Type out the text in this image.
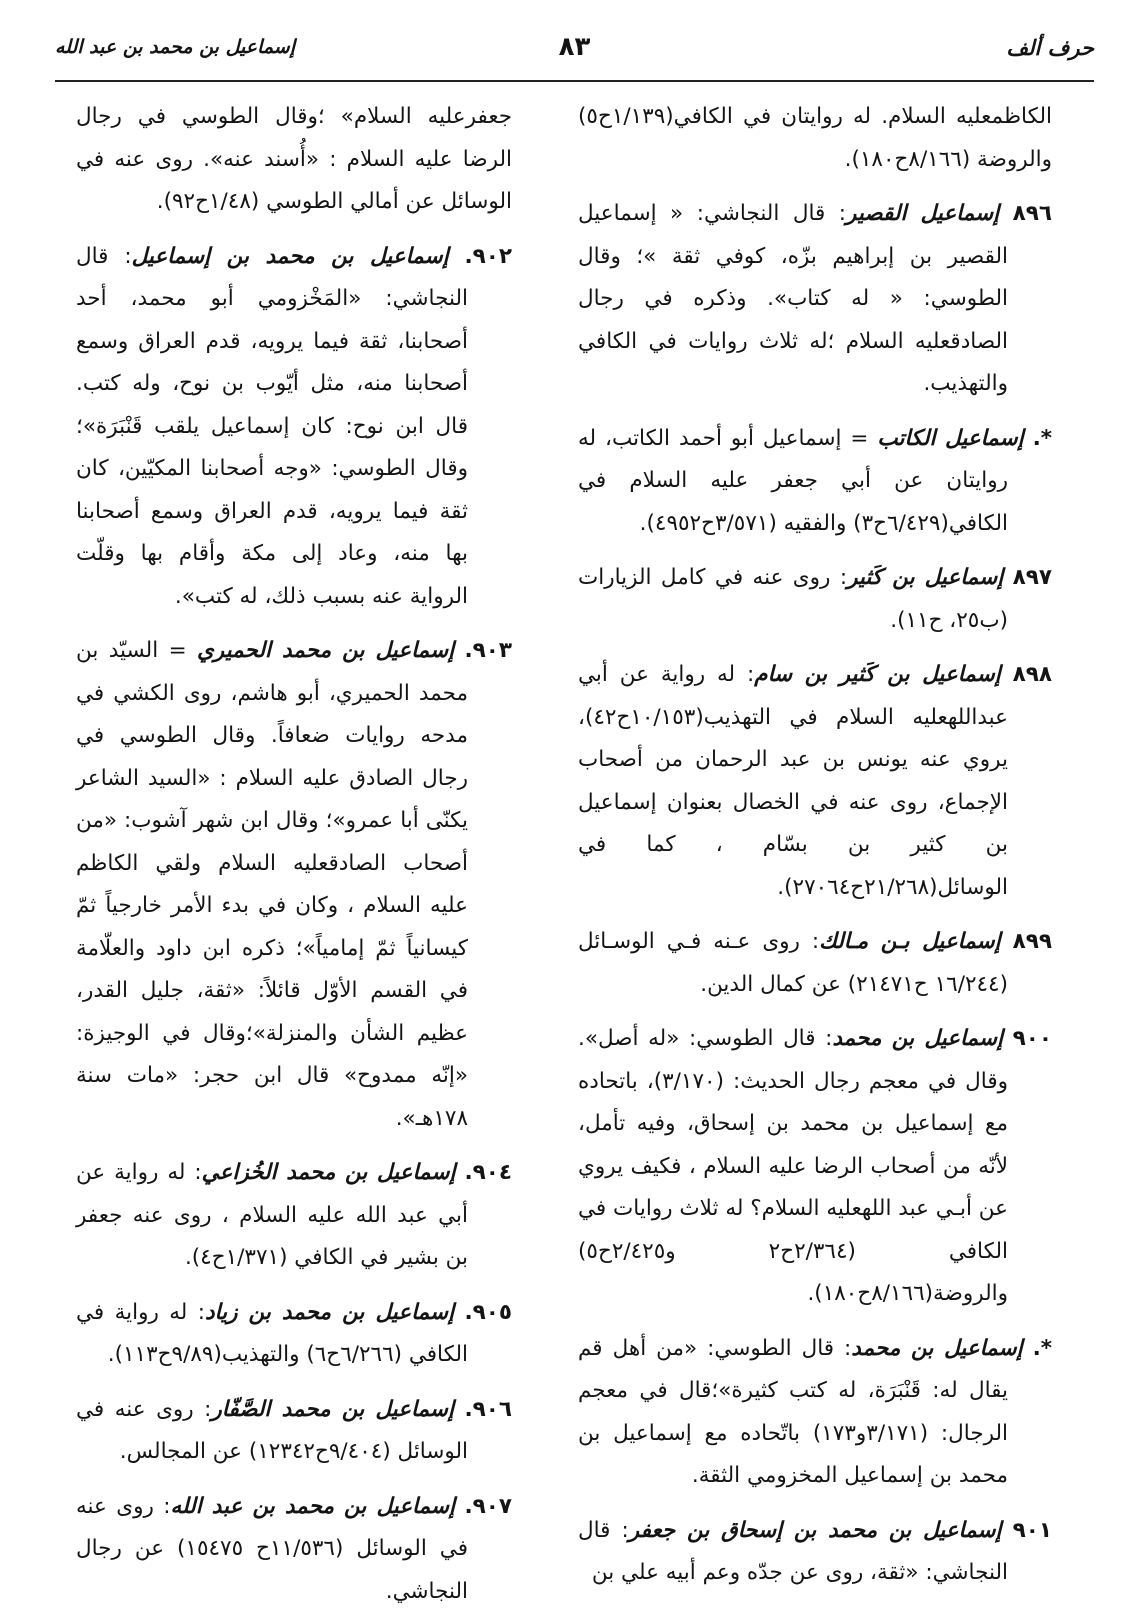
إسماعيل بن محمد بن عبد الله	٨٣	حرف ألف

الكاظمعليه السلام. له روايتان في الكافي(١/١٣٩ح٥) والروضة (٨/١٦٦ح١٨٠).

٨٩٦ إسماعيل القصير: قال النجاشي: « إسماعيل القصير بن إبراهيم بزّه، كوفي ثقة »؛ وقال الطوسي: « له كتاب». وذكره في رجال الصادقعليه السلام ؛له ثلاث روايات في الكافي والتهذيب.

*. إسماعيل الكاتب = إسماعيل أبو أحمد الكاتب، له روايتان عن أبي جعفر عليه السلام في الكافي(٦/٤٢٩ح٣) والفقيه (٣/٥٧١ح٤٩٥٢).

٨٩٧ إسماعيل بن كَثير: روى عنه في كامل الزيارات (ب٢٥، ح١١).

٨٩٨ إسماعيل بن كَثير بن سام: له رواية عن أبي عبداللهعليه السلام في التهذيب(١٠/١٥٣ح٤٢)، يروي عنه يونس بن عبد الرحمان من أصحاب الإجماع، روى عنه في الخصال بعنوان إسماعيل بن كثير بن بسّام ، كما في الوسائل(٢١/٢٦٨ح٢٧٠٦٤).

٨٩٩ إسماعيل بـن مـالك: روى عـنه فـي الوسـائل (١٦/٢٤٤ ح٢١٤٧١) عن كمال الدين.

٩٠٠ إسماعيل بن محمد: قال الطوسي: «له أصل». وقال في معجم رجال الحديث: (٣/١٧٠)، باتحاده مع إسماعيل بن محمد بن إسحاق، وفيه تأمل، لأنّه من أصحاب الرضا عليه السلام ، فكيف يروي عن أبـي عبد اللهعليه السلام؟ له ثلاث روايات في الكافي (٢/٣٦٤ح٢ و٢/٤٢٥ح٥) والروضة(٨/١٦٦ح١٨٠).

*. إسماعيل بن محمد: قال الطوسي: «من أهل قم يقال له: قَنْبَرَة، له كتب كثيرة»؛قال في معجم الرجال: (٣/١٧١و١٧٣) باتّحاده مع إسماعيل بن محمد بن إسماعيل المخزومي الثقة.

٩٠١ إسماعيل بن محمد بن إسحاق بن جعفر: قال النجاشي: «ثقة، روى عن جدّه وعم أبيه علي بن

جعفرعليه السلام» ؛وقال الطوسي في رجال الرضا عليه السلام : «أُسند عنه». روى عنه في الوسائل عن أمالي الطوسي (١/٤٨ح٩٢).

٩٠٢. إسماعيل بن محمد بن إسماعيل: قال النجاشي: «المَخْزومي أبو محمد، أحد أصحابنا، ثقة فيما يرويه، قدم العراق وسمع أصحابنا منه، مثل أيّوب بن نوح، وله كتب. قال ابن نوح: كان إسماعيل يلقب قَنْبَرَة»؛وقال الطوسي: «وجه أصحابنا المكيّين، كان ثقة فيما يرويه، قدم العراق وسمع أصحابنا بها منه، وعاد إلى مكة وأقام بها وقلّت الرواية عنه بسبب ذلك، له كتب».

٩٠٣. إسماعيل بن محمد الحميري = السيّد بن محمد الحميري، أبو هاشم، روى الكشي في مدحه روايات ضعافاً. وقال الطوسي في رجال الصادق عليه السلام : «السيد الشاعر يكنّى أبا عمرو»؛ وقال ابن شهر آشوب: «من أصحاب الصادقعليه السلام ولقي الكاظم عليه السلام ، وكان في بدء الأمر خارجياً ثمّ كيسانياً ثمّ إمامياً»؛ ذكره ابن داود والعلّامة في القسم الأوّل قائلاً: «ثقة، جليل القدر، عظيم الشأن والمنزلة»؛وقال في الوجيزة: «إنّه ممدوح» قال ابن حجر: «مات سنة ١٧٨هـ».

٩٠٤. إسماعيل بن محمد الخُزاعي: له رواية عن أبي عبد الله عليه السلام ، روى عنه جعفر بن بشير في الكافي (١/٣٧١ح٤).

٩٠٥. إسماعيل بن محمد بن زياد: له رواية في الكافي (٦/٢٦٦ح٦) والتهذيب(٩/٨٩ح١١٣).

٩٠٦. إسماعيل بن محمد الصَّفّار: روى عنه في الوسائل (٩/٤٠٤ح١٢٣٤٢) عن المجالس.

٩٠٧. إسماعيل بن محمد بن عبد الله: روى عنه في الوسائل (١١/٥٣٦ح ١٥٤٧٥) عن رجال النجاشي.
